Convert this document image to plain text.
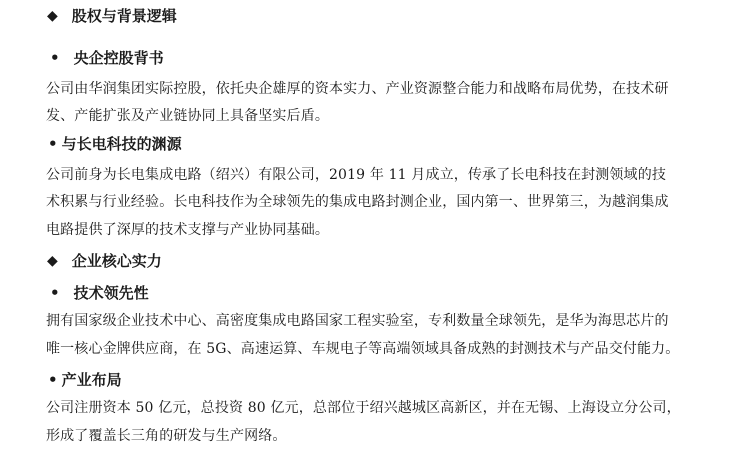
◆ 股权与背景逻辑
• 央企控股背书
公司由华润集团实际控股，依托央企雄厚的资本实力、产业资源整合能力和战略布局优势，在技术研
发、产能扩张及产业链协同上具备坚实后盾。
• 与长电科技的渊源
公司前身为长电集成电路（绍兴）有限公司，2019 年 11 月成立，传承了长电科技在封测领域的技
术积累与行业经验。长电科技作为全球领先的集成电路封测企业，国内第一、世界第三，为越润集成
电路提供了深厚的技术支撑与产业协同基础。
◆ 企业核心实力
• 技术领先性
拥有国家级企业技术中心、高密度集成电路国家工程实验室，专利数量全球领先，是华为海思芯片的
唯一核心金牌供应商，在 5G、高速运算、车规电子等高端领域具备成熟的封测技术与产品交付能力。
• 产业布局
公司注册资本 50 亿元，总投资 80 亿元，总部位于绍兴越城区高新区，并在无锡、上海设立分公司，
形成了覆盖长三角的研发与生产网络。
